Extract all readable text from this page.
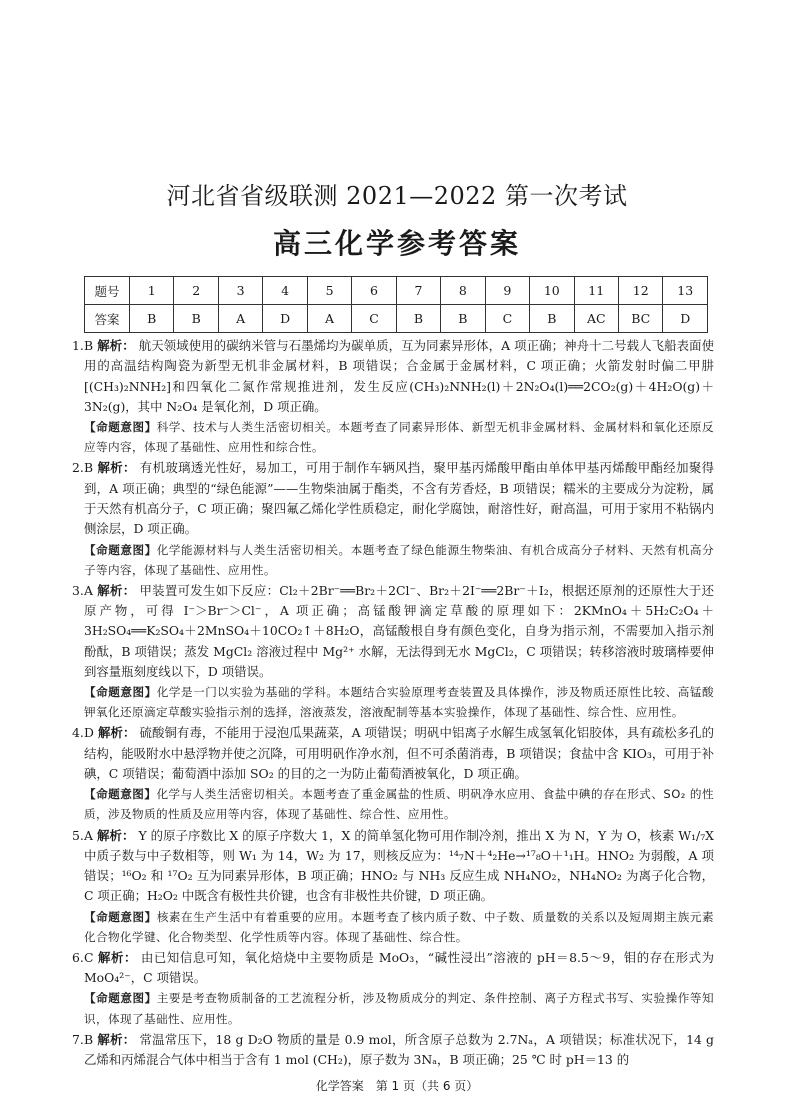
河北省省级联测 2021—2022 第一次考试
高三化学参考答案
题号	1	2	3	4	5	6	7	8	9	10	11	12	13
答案	B	B	A	D	A	C	B	B	C	B	AC	BC	D

1.B 解析： 航天领域使用的碳纳米管与石墨烯均为碳单质，互为同素异形体，A 项正确；神舟十二号载人飞船表面使用的高温结构陶瓷为新型无机非金属材料，B 项错误；合金属于金属材料，C 项正确；火箭发射时偏二甲肼[(CH₃)₂NNH₂]和四氧化二氮作常规推进剂，发生反应(CH₃)₂NNH₂(l)＋2N₂O₄(l)══2CO₂(g)＋4H₂O(g)＋3N₂(g)，其中 N₂O₄ 是氧化剂，D 项正确。

【命题意图】科学、技术与人类生活密切相关。本题考查了同素异形体、新型无机非金属材料、金属材料和氧化还原反应等内容，体现了基础性、应用性和综合性。

2.B 解析： 有机玻璃透光性好，易加工，可用于制作车辆风挡，聚甲基丙烯酸甲酯由单体甲基丙烯酸甲酯经加聚得到，A 项正确；典型的“绿色能源”——生物柴油属于酯类，不含有芳香烃，B 项错误；糯米的主要成分为淀粉，属于天然有机高分子，C 项正确；聚四氟乙烯化学性质稳定，耐化学腐蚀，耐溶性好，耐高温，可用于家用不粘锅内侧涂层，D 项正确。

【命题意图】化学能源材料与人类生活密切相关。本题考查了绿色能源生物柴油、有机合成高分子材料、天然有机高分子等内容，体现了基础性、应用性。

3.A 解析： 甲装置可发生如下反应：Cl₂＋2Br⁻══Br₂＋2Cl⁻、Br₂＋2I⁻══2Br⁻＋I₂，根据还原剂的还原性大于还原产物，可得 I⁻＞Br⁻＞Cl⁻，A 项正确；高锰酸钾滴定草酸的原理如下：2KMnO₄＋5H₂C₂O₄＋3H₂SO₄══K₂SO₄＋2MnSO₄＋10CO₂↑＋8H₂O，高锰酸根自身有颜色变化，自身为指示剂，不需要加入指示剂酚酞，B 项错误；蒸发 MgCl₂ 溶液过程中 Mg²⁺ 水解，无法得到无水 MgCl₂，C 项错误；转移溶液时玻璃棒要伸到容量瓶刻度线以下，D 项错误。

【命题意图】化学是一门以实验为基础的学科。本题结合实验原理考查装置及具体操作，涉及物质还原性比较、高锰酸钾氧化还原滴定草酸实验指示剂的选择，溶液蒸发，溶液配制等基本实验操作，体现了基础性、综合性、应用性。

4.D 解析： 硫酸铜有毒，不能用于浸泡瓜果蔬菜，A 项错误；明矾中铝离子水解生成氢氧化铝胶体，具有疏松多孔的结构，能吸附水中悬浮物并使之沉降，可用明矾作净水剂，但不可杀菌消毒，B 项错误；食盐中含 KIO₃，可用于补碘，C 项错误；葡萄酒中添加 SO₂ 的目的之一为防止葡萄酒被氧化，D 项正确。

【命题意图】化学与人类生活密切相关。本题考查了重金属盐的性质、明矾净水应用、食盐中碘的存在形式、SO₂ 的性质，涉及物质的性质及应用等内容，体现了基础性、综合性、应用性。

5.A 解析： Y 的原子序数比 X 的原子序数大 1，X 的简单氢化物可用作制冷剂，推出 X 为 N，Y 为 O，核素 W₁/₇X 中质子数与中子数相等，则 W₁ 为 14，W₂ 为 17，则核反应为：¹⁴₇N＋⁴₂He→¹⁷₈O＋¹₁H。HNO₂ 为弱酸，A 项错误；¹⁶O₂ 和 ¹⁷O₂ 互为同素异形体，B 项正确；HNO₂ 与 NH₃ 反应生成 NH₄NO₂，NH₄NO₂ 为离子化合物，C 项正确；H₂O₂ 中既含有极性共价键，也含有非极性共价键，D 项正确。

【命题意图】核素在生产生活中有着重要的应用。本题考查了核内质子数、中子数、质量数的关系以及短周期主族元素化合物化学键、化合物类型、化学性质等内容。体现了基础性、综合性。

6.C 解析： 由已知信息可知，氧化焙烧中主要物质是 MoO₃，“碱性浸出”溶液的 pH＝8.5～9，钼的存在形式为 MoO₄²⁻，C 项错误。

【命题意图】主要是考查物质制备的工艺流程分析，涉及物质成分的判定、条件控制、离子方程式书写、实验操作等知识，体现了基础性、应用性。

7.B 解析： 常温常压下，18 g D₂O 物质的量是 0.9 mol，所含原子总数为 2.7Nₐ，A 项错误；标准状况下，14 g 乙烯和丙烯混合气体中相当于含有 1 mol (CH₂)，原子数为 3Nₐ，B 项正确；25 ℃ 时 pH＝13 的

化学答案　第 1 页（共 6 页）
